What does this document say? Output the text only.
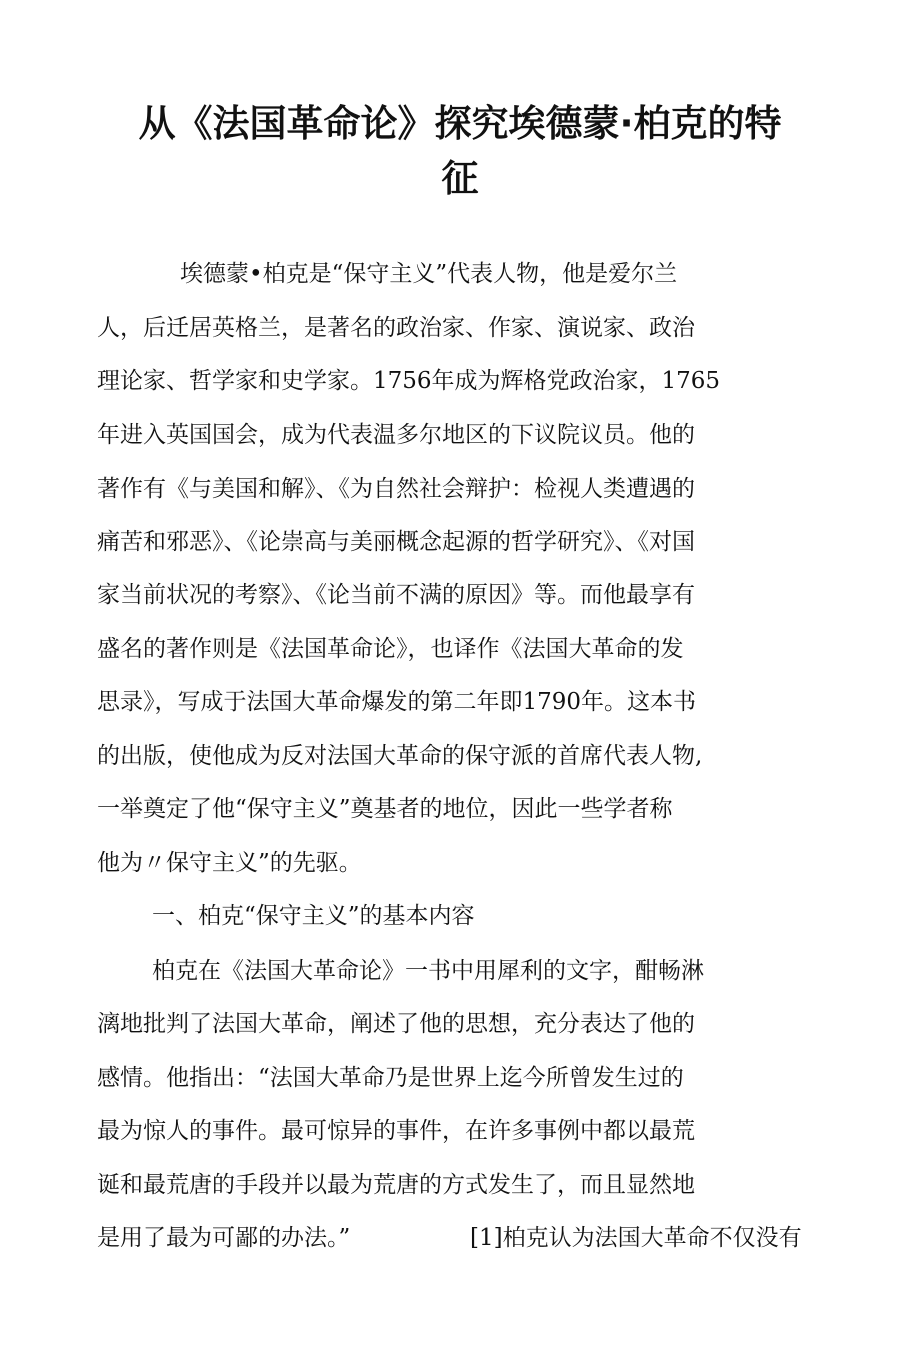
从《法国革命论》探究埃德蒙·柏克的特
征
埃德蒙•柏克是“保守主义”代表人物，他是爱尔兰
人，后迁居英格兰，是著名的政治家、作家、演说家、政治
理论家、哲学家和史学家。1756年成为辉格党政治家，1765
年进入英国国会，成为代表温多尔地区的下议院议员。他的
著作有《与美国和解》、《为自然社会辩护：检视人类遭遇的
痛苦和邪恶》、《论崇高与美丽概念起源的哲学研究》、《对国
家当前状况的考察》、《论当前不满的原因》等。而他最享有
盛名的著作则是《法国革命论》，也译作《法国大革命的发
思录》，写成于法国大革命爆发的第二年即1790年。这本书
的出版，使他成为反对法国大革命的保守派的首席代表人物,
一举奠定了他“保守主义”奠基者的地位，因此一些学者称
他为〃保守主义”的先驱。
一、柏克“保守主义”的基本内容
柏克在《法国大革命论》一书中用犀利的文字，酣畅淋
漓地批判了法国大革命，阐述了他的思想，充分表达了他的
感情。他指出：“法国大革命乃是世界上迄今所曾发生过的
最为惊人的事件。最可惊异的事件，在许多事例中都以最荒
诞和最荒唐的手段并以最为荒唐的方式发生了，而且显然地
是用了最为可鄙的办法。”	[1]柏克认为法国大革命不仅没有
